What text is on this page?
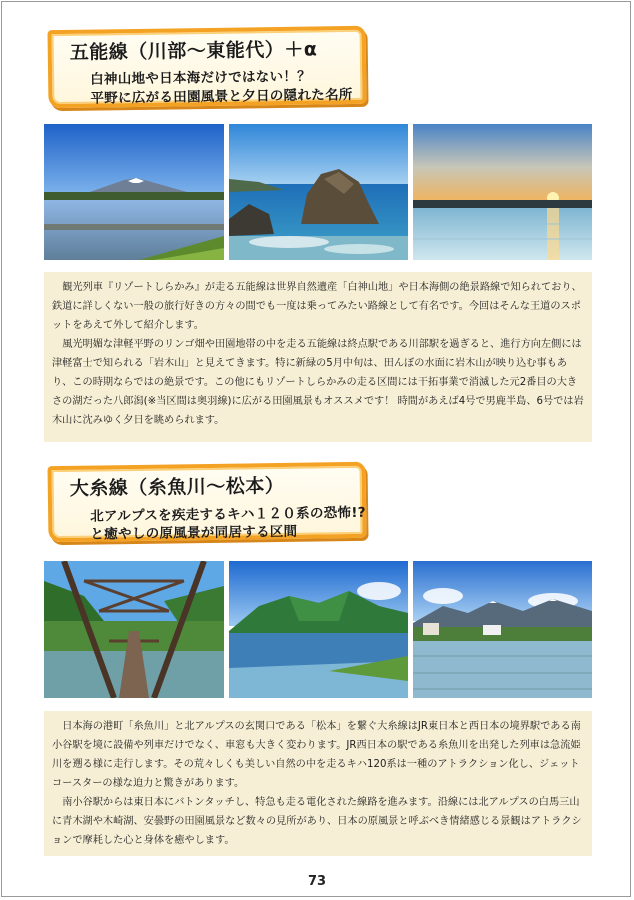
五能線（川部～東能代）＋α
白神山地や日本海だけではない！？
平野に広がる田園風景と夕日の隠れた名所

観光列車『リゾートしらかみ』が走る五能線は世界自然遺産「白神山地」や日本海側の絶景路線で知られており、鉄道に詳しくない一般の旅行好きの方々の間でも一度は乗ってみたい路線として有名です。今回はそんな王道のスポットをあえて外して紹介します。

風光明媚な津軽平野のリンゴ畑や田園地帯の中を走る五能線は終点駅である川部駅を過ぎると、進行方向左側には津軽富士で知られる「岩木山」と見えてきます。特に新緑の5月中旬は、田んぼの水面に岩木山が映り込む事もあり、この時期ならではの絶景です。この他にもリゾートしらかみの走る区間には干拓事業で消滅した元2番目の大きさの湖だった八郎潟(※当区間は奥羽線)に広がる田園風景もオススメです！ 時間があえば4号で男鹿半島、6号では岩木山に沈みゆく夕日を眺められます。

大糸線（糸魚川～松本）
北アルプスを疾走するキハ１２０系の恐怖!?
と癒やしの原風景が同居する区間

日本海の港町「糸魚川」と北アルプスの玄関口である「松本」を繋ぐ大糸線はJR東日本と西日本の境界駅である南小谷駅を境に設備や列車だけでなく、車窓も大きく変わります。JR西日本の駅である糸魚川を出発した列車は急流姫川を遡る様に走行します。その荒々しくも美しい自然の中を走るキハ120系は一種のアトラクション化し、ジェットコースターの様な迫力と驚きがあります。

南小谷駅からは東日本にバトンタッチし、特急も走る電化された線路を進みます。沿線には北アルプスの白馬三山に青木湖や木崎湖、安曇野の田園風景など数々の見所があり、日本の原風景と呼ぶべき情緒感じる景観はアトラクションで摩耗した心と身体を癒やします。

73
